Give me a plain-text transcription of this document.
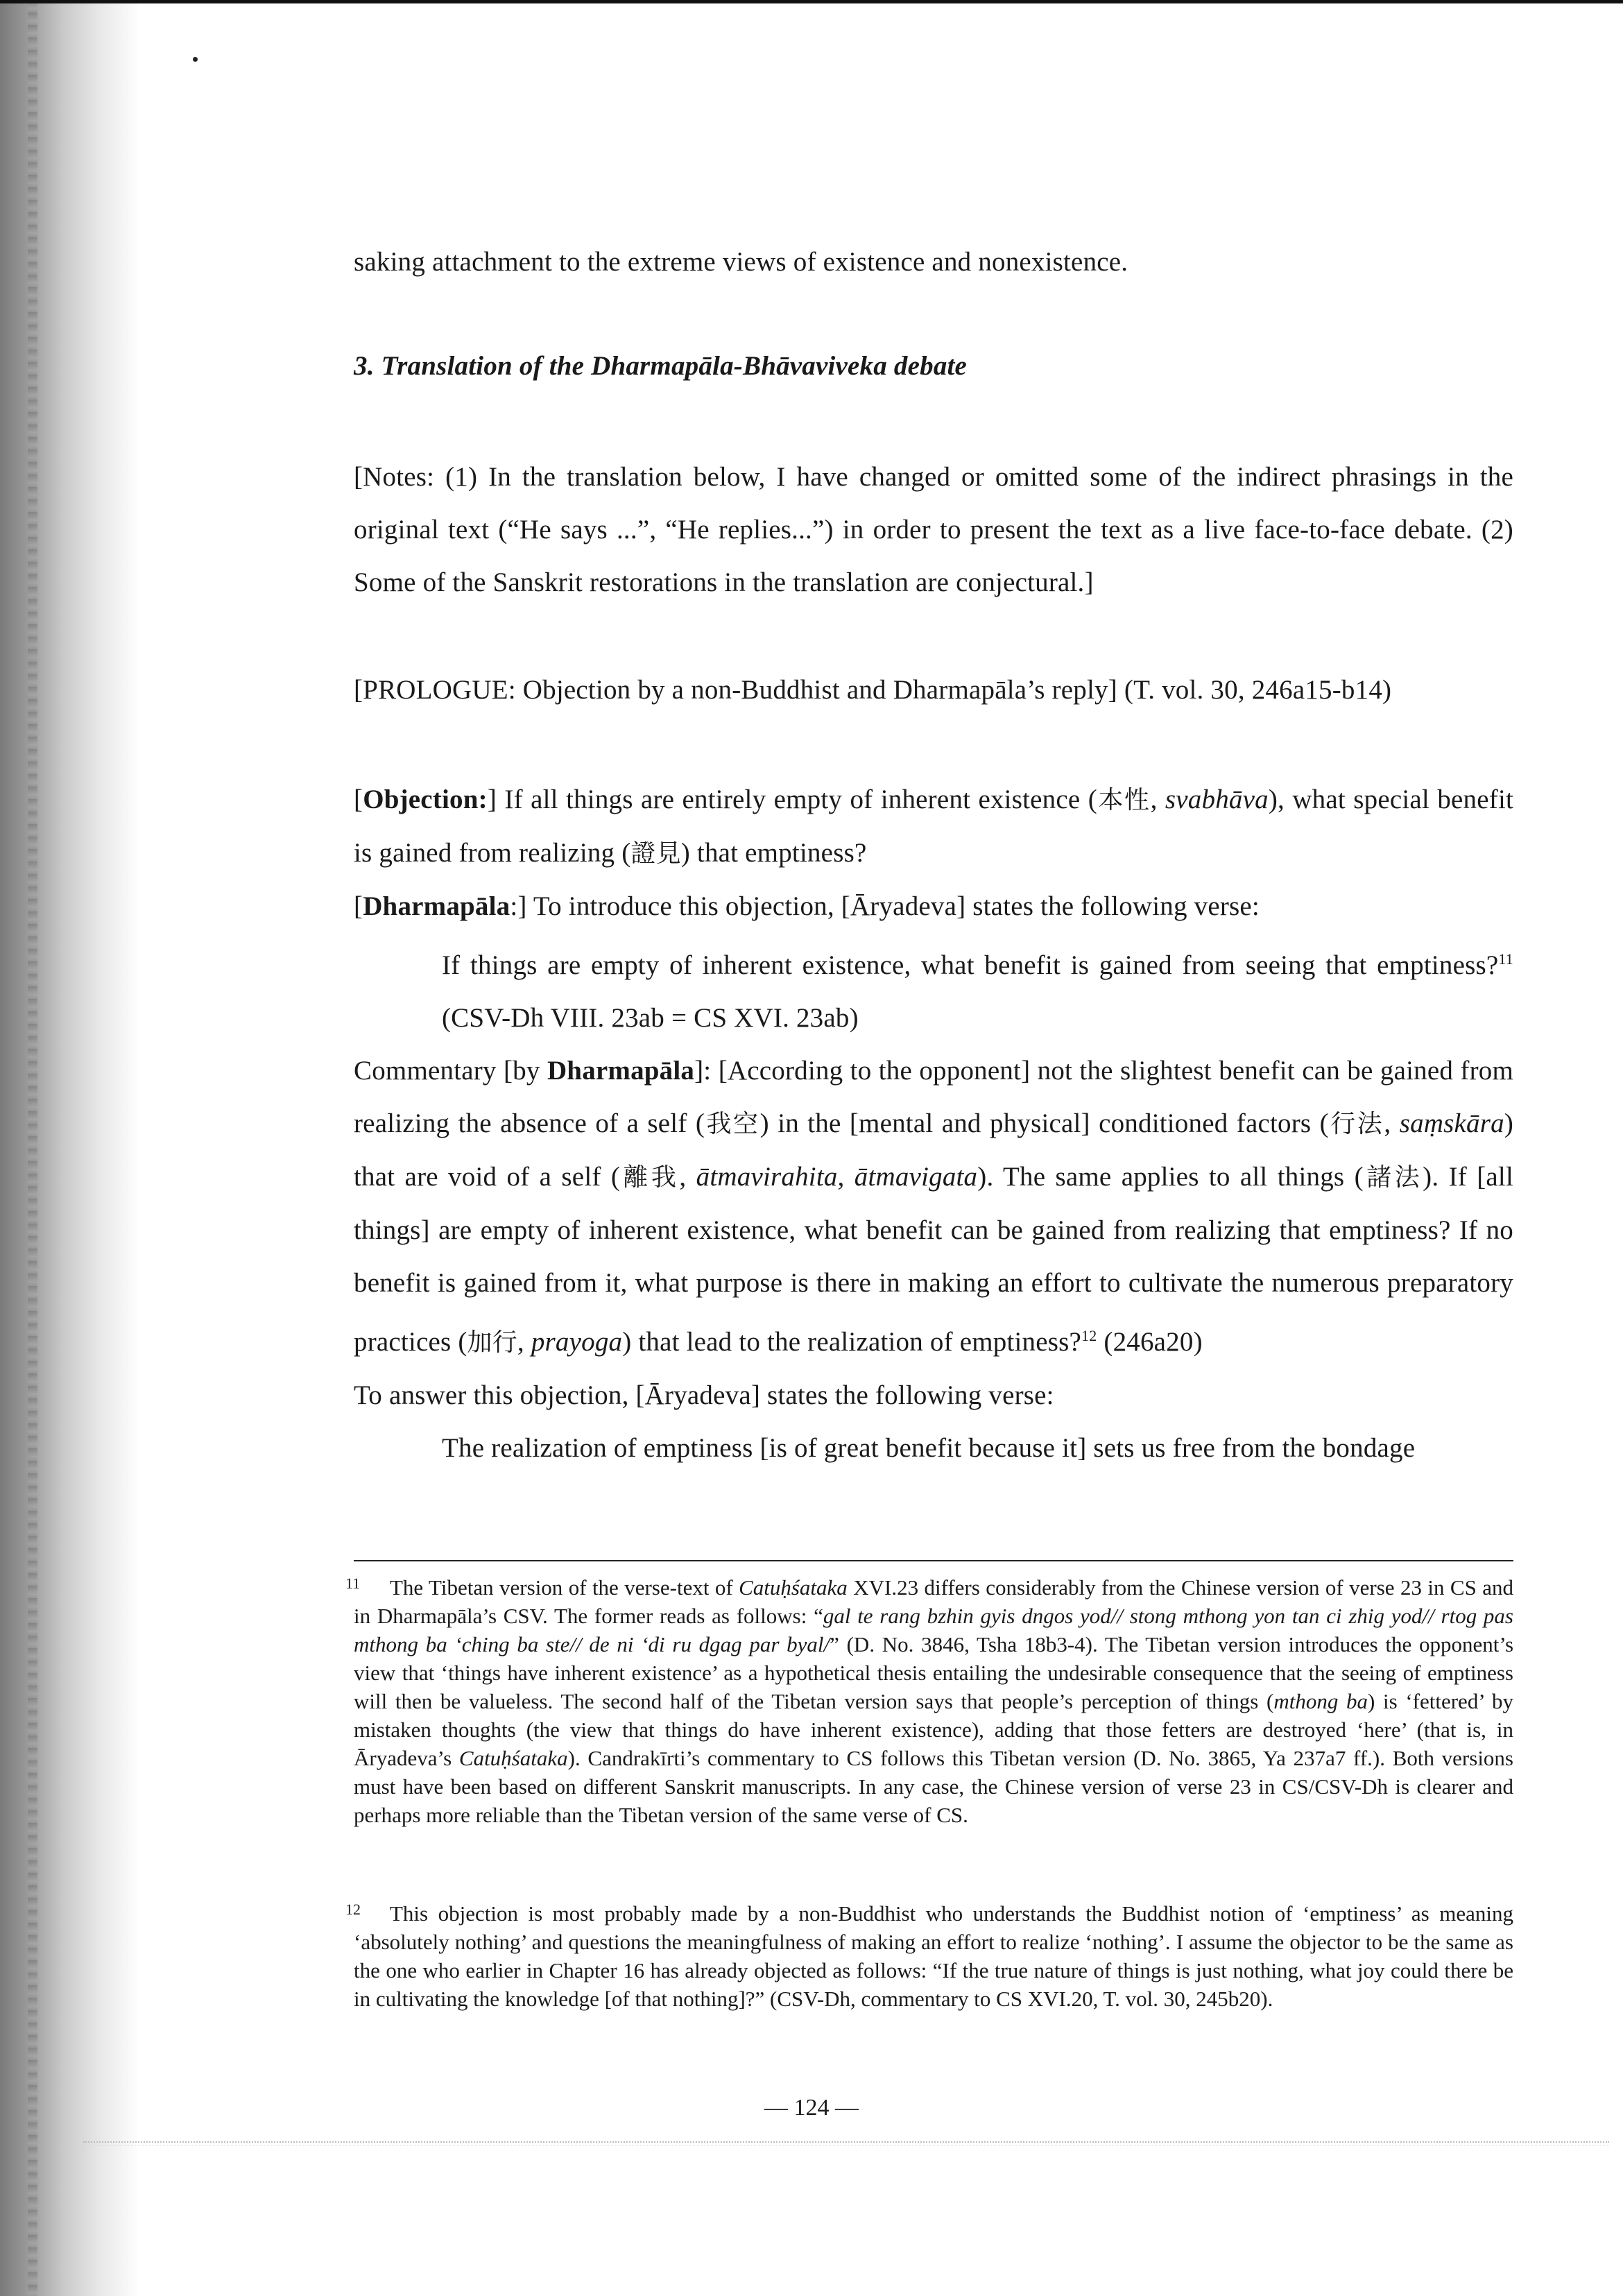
saking attachment to the extreme views of existence and nonexistence.

3. Translation of the Dharmapāla-Bhāvaviveka debate

[Notes: (1) In the translation below, I have changed or omitted some of the indirect phrasings in the original text (“He says ...”, “He replies...”) in order to present the text as a live face-to-face debate. (2) Some of the Sanskrit restorations in the translation are conjectural.]

[PROLOGUE: Objection by a non-Buddhist and Dharmapāla’s reply] (T. vol. 30, 246a15-b14)

[Objection:] If all things are entirely empty of inherent existence (本性, svabhāva), what special benefit is gained from realizing (證見) that emptiness?

[Dharmapāla:] To introduce this objection, [Āryadeva] states the following verse:

If things are empty of inherent existence, what benefit is gained from seeing that emptiness?$^{11}$ (CSV-Dh VIII. 23ab = CS XVI. 23ab)

Commentary [by Dharmapāla]: [According to the opponent] not the slightest benefit can be gained from realizing the absence of a self (我空) in the [mental and physical] conditioned factors (行法, saṃskāra) that are void of a self (離我, ātmavirahita, ātmavigata). The same applies to all things (諸法). If [all things] are empty of inherent existence, what benefit can be gained from realizing that emptiness? If no benefit is gained from it, what purpose is there in making an effort to cultivate the numerous preparatory practices (加行, prayoga) that lead to the realization of emptiness?$^{12}$ (246a20)

To answer this objection, [Āryadeva] states the following verse:

The realization of emptiness [is of great benefit because it] sets us free from the bondage

11	The Tibetan version of the verse-text of Catuḥśataka XVI.23 differs considerably from the Chinese version of verse 23 in CS and in Dharmapāla’s CSV. The former reads as follows: “gal te rang bzhin gyis dngos yod// stong mthong yon tan ci zhig yod// rtog pas mthong ba ‘ching ba ste// de ni ‘di ru dgag par byal/” (D. No. 3846, Tsha 18b3-4). The Tibetan version introduces the opponent’s view that ‘things have inherent existence’ as a hypothetical thesis entailing the undesirable consequence that the seeing of emptiness will then be valueless. The second half of the Tibetan version says that people’s perception of things (mthong ba) is ‘fettered’ by mistaken thoughts (the view that things do have inherent existence), adding that those fetters are destroyed ‘here’ (that is, in Āryadeva’s Catuḥśataka). Candrakīrti’s commentary to CS follows this Tibetan version (D. No. 3865, Ya 237a7 ff.). Both versions must have been based on different Sanskrit manuscripts. In any case, the Chinese version of verse 23 in CS/CSV-Dh is clearer and perhaps more reliable than the Tibetan version of the same verse of CS.

12	This objection is most probably made by a non-Buddhist who understands the Buddhist notion of ‘emptiness’ as meaning ‘absolutely nothing’ and questions the meaningfulness of making an effort to realize ‘nothing’. I assume the objector to be the same as the one who earlier in Chapter 16 has already objected as follows: “If the true nature of things is just nothing, what joy could there be in cultivating the knowledge [of that nothing]?” (CSV-Dh, commentary to CS XVI.20, T. vol. 30, 245b20).

— 124 —
